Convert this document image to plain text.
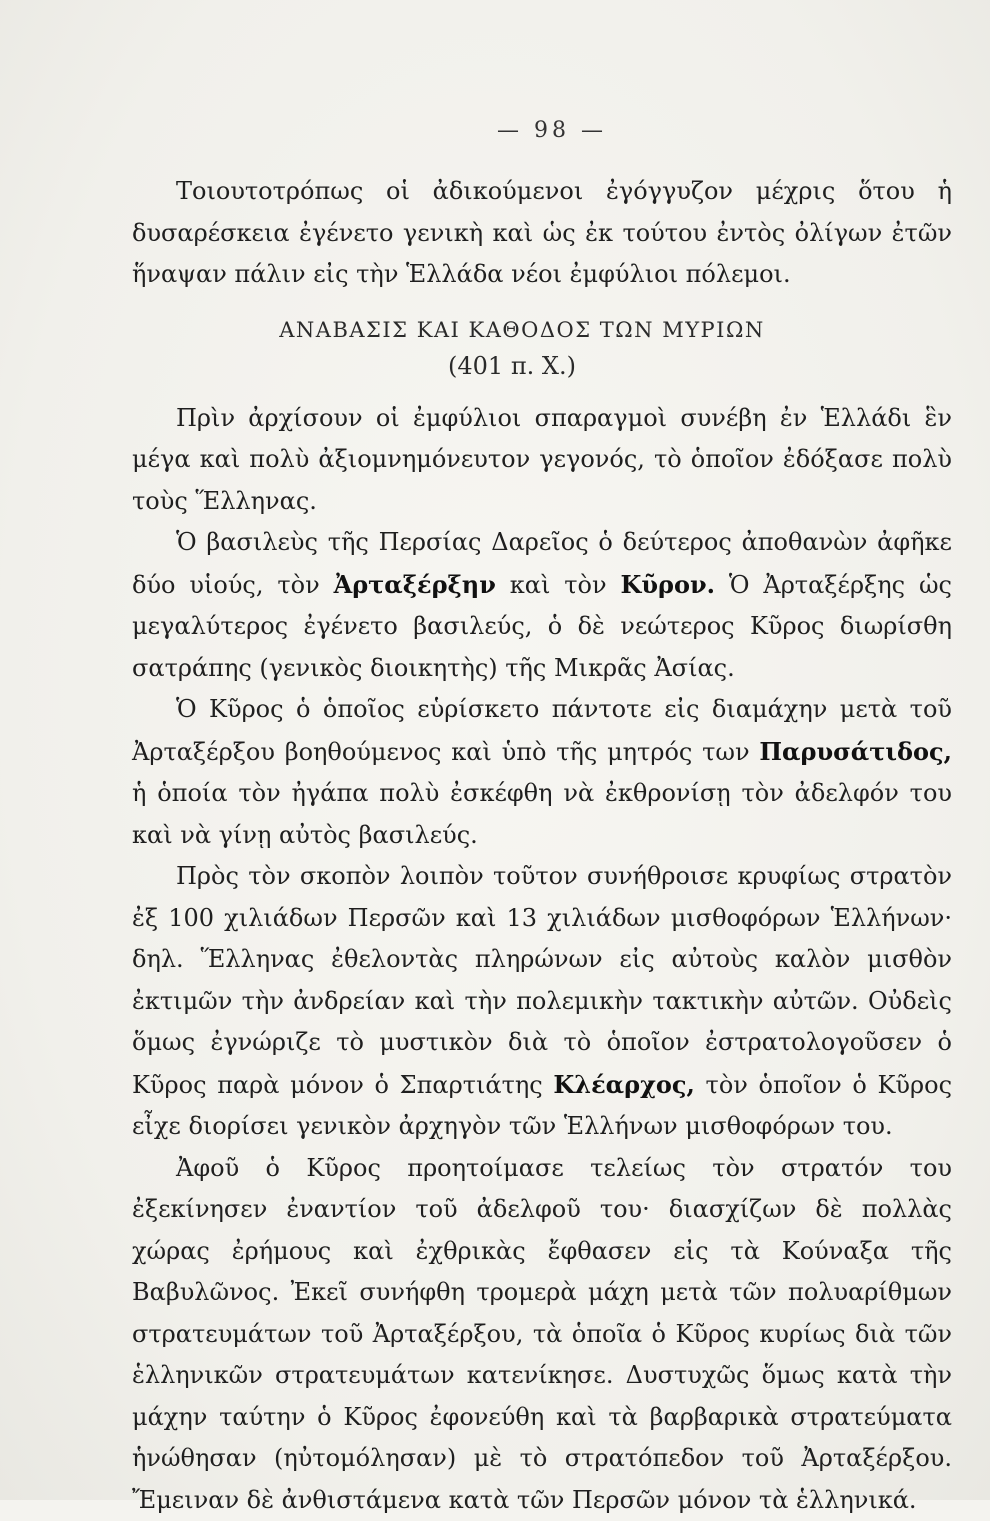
— 98 —

Τοιουτοτρόπως οἱ ἀδικούμενοι ἐγόγγυζον μέχρις ὅτου ἡ δυσαρέσκεια ἐγένετο γενικὴ καὶ ὡς ἐκ τούτου ἐντὸς ὀλίγων ἐτῶν ἥναψαν πάλιν εἰς τὴν Ἑλλάδα νέοι ἐμφύλιοι πόλεμοι.

ΑΝΑΒΑΣΙΣ ΚΑΙ ΚΑΘΟΔΟΣ ΤΩΝ ΜΥΡΙΩΝ
(401 π. Χ.)

Πρὶν ἀρχίσουν οἱ ἐμφύλιοι σπαραγμοὶ συνέβη ἐν Ἑλλάδι ἓν μέγα καὶ πολὺ ἀξιομνημόνευτον γεγονός, τὸ ὁποῖον ἐδόξασε πολὺ τοὺς Ἕλληνας.

Ὁ βασιλεὺς τῆς Περσίας Δαρεῖος ὁ δεύτερος ἀποθανὼν ἀφῆκε δύο υἱούς, τὸν Ἀρταξέρξην καὶ τὸν Κῦρον. Ὁ Ἀρταξέρξης ὡς μεγαλύτερος ἐγένετο βασιλεύς, ὁ δὲ νεώτερος Κῦρος διωρίσθη σατράπης (γενικὸς διοικητὴς) τῆς Μικρᾶς Ἀσίας.

Ὁ Κῦρος ὁ ὁποῖος εὑρίσκετο πάντοτε εἰς διαμάχην μετὰ τοῦ Ἀρταξέρξου βοηθούμενος καὶ ὑπὸ τῆς μητρός των Παρυσάτιδος, ἡ ὁποία τὸν ἠγάπα πολὺ ἐσκέφθη νὰ ἐκθρονίσῃ τὸν ἀδελφόν του καὶ νὰ γίνῃ αὐτὸς βασιλεύς.

Πρὸς τὸν σκοπὸν λοιπὸν τοῦτον συνήθροισε κρυφίως στρατὸν ἐξ 100 χιλιάδων Περσῶν καὶ 13 χιλιάδων μισθοφόρων Ἑλλήνων· δηλ. Ἕλληνας ἐθελοντὰς πληρώνων εἰς αὐτοὺς καλὸν μισθὸν ἐκτιμῶν τὴν ἀνδρείαν καὶ τὴν πολεμικὴν τακτικὴν αὐτῶν. Οὐδεὶς ὅμως ἐγνώριζε τὸ μυστικὸν διὰ τὸ ὁποῖον ἐστρατολογοῦσεν ὁ Κῦρος παρὰ μόνον ὁ Σπαρτιάτης Κλέαρχος, τὸν ὁποῖον ὁ Κῦρος εἶχε διορίσει γενικὸν ἀρχηγὸν τῶν Ἑλλήνων μισθοφόρων του.

Ἀφοῦ ὁ Κῦρος προητοίμασε τελείως τὸν στρατόν του ἐξεκίνησεν ἐναντίον τοῦ ἀδελφοῦ του· διασχίζων δὲ πολλὰς χώρας ἐρήμους καὶ ἐχθρικὰς ἔφθασεν εἰς τὰ Κούναξα τῆς Βαβυλῶνος. Ἐκεῖ συνήφθη τρομερὰ μάχη μετὰ τῶν πολυαρίθμων στρατευμάτων τοῦ Ἀρταξέρξου, τὰ ὁποῖα ὁ Κῦρος κυρίως διὰ τῶν ἑλληνικῶν στρατευμάτων κατενίκησε. Δυστυχῶς ὅμως κατὰ τὴν μάχην ταύτην ὁ Κῦρος ἐφονεύθη καὶ τὰ βαρβαρικὰ στρατεύματα ἡνώθησαν (ηὐτομόλησαν) μὲ τὸ στρατόπεδον τοῦ Ἀρταξέρξου. Ἔμειναν δὲ ἀνθιστάμενα κατὰ τῶν Περσῶν μόνον τὰ ἑλληνικά.
